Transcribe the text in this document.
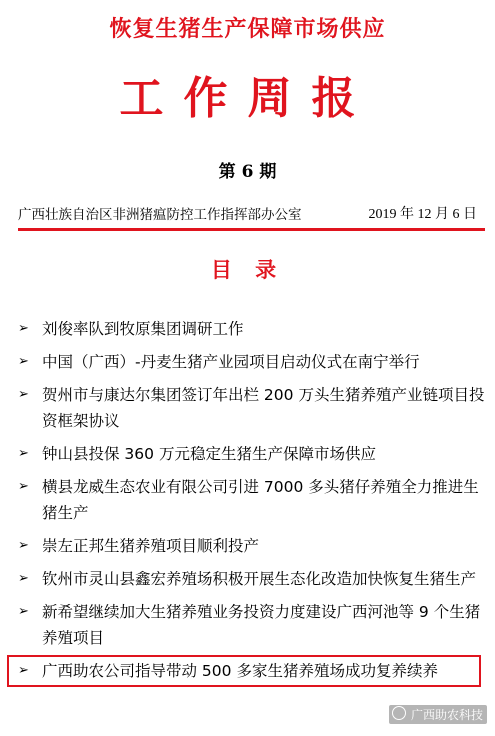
恢复生猪生产保障市场供应
工作周报
第 6 期
广西壮族自治区非洲猪瘟防控工作指挥部办公室	2019 年 12 月 6 日
目 录
➢ 刘俊率队到牧原集团调研工作
➢ 中国（广西）-丹麦生猪产业园项目启动仪式在南宁举行
➢ 贺州市与康达尔集团签订年出栏 200 万头生猪养殖产业链项目投资框架协议
➢ 钟山县投保 360 万元稳定生猪生产保障市场供应
➢ 横县龙威生态农业有限公司引进 7000 多头猪仔养殖全力推进生猪生产
➢ 崇左正邦生猪养殖项目顺利投产
➢ 钦州市灵山县鑫宏养殖场积极开展生态化改造加快恢复生猪生产
➢ 新希望继续加大生猪养殖业务投资力度建设广西河池等 9 个生猪养殖项目
➢ 广西助农公司指导带动 500 多家生猪养殖场成功复养续养
广西助农科技
